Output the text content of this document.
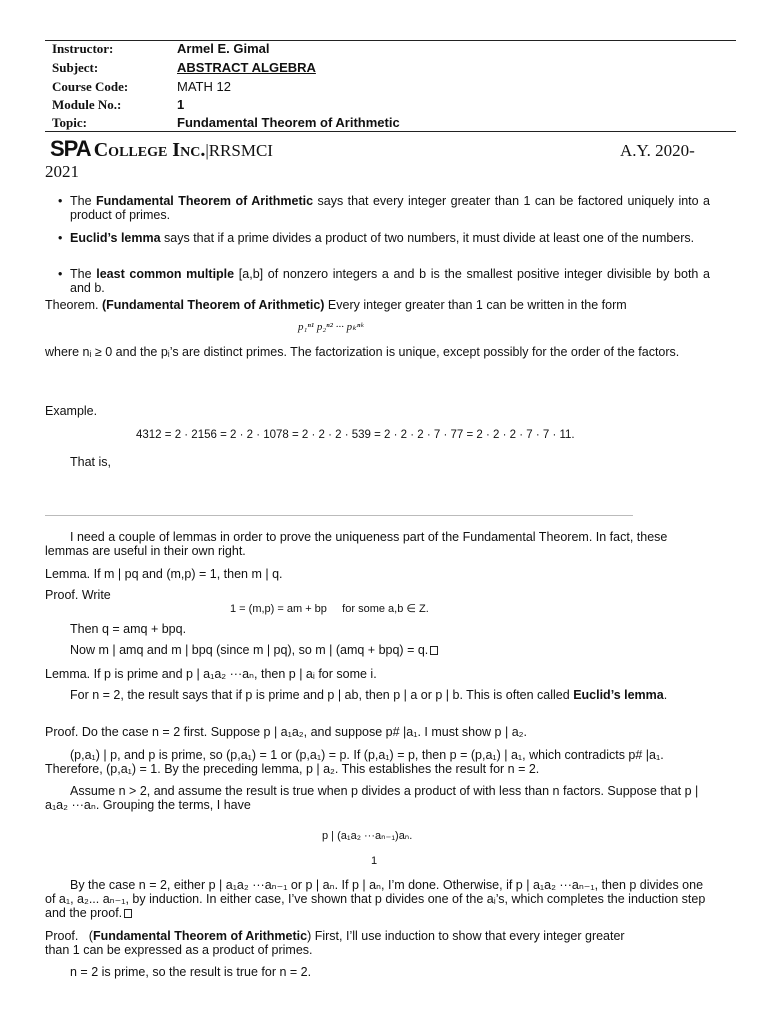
Instructor:	Armel E. Gimal
Subject:	ABSTRACT ALGEBRA
Course Code:	MATH 12
Module No.:	1
Topic:	Fundamental Theorem of Arithmetic
SPA College Inc.|RRSMCI	A.Y. 2020-
2021
• The Fundamental Theorem of Arithmetic says that every integer greater than 1 can be factored uniquely into a product of primes.
• Euclid’s lemma says that if a prime divides a product of two numbers, it must divide at least one of the numbers.
• The least common multiple [a,b] of nonzero integers a and b is the smallest positive integer divisible by both a and b.
Theorem. (Fundamental Theorem of Arithmetic) Every integer greater than 1 can be written in the form
p₁ⁿ¹ p₂ⁿ² ··· pₖⁿᵏ
where nᵢ ≥ 0 and the pᵢ’s are distinct primes. The factorization is unique, except possibly for the order of the factors.
Example.
4312 = 2 · 2156 = 2 · 2 · 1078 = 2 · 2 · 2 · 539 = 2 · 2 · 2 · 7 · 77 = 2 · 2 · 2 · 7 · 7 · 11.
That is,
I need a couple of lemmas in order to prove the uniqueness part of the Fundamental Theorem. In fact, these lemmas are useful in their own right.
Lemma. If m | pq and (m,p) = 1, then m | q.
Proof. Write
1 = (m,p) = am + bp     for some a,b ∈ Z.
Then q = amq + bpq.
Now m | amq and m | bpq (since m | pq), so m | (amq + bpq) = q.
Lemma. If p is prime and p | a₁a₂ ···aₙ, then p | aᵢ for some i.
For n = 2, the result says that if p is prime and p | ab, then p | a or p | b. This is often called Euclid’s lemma.
Proof. Do the case n = 2 first. Suppose p | a₁a₂, and suppose p# |a₁. I must show p | a₂.
(p,a₁) | p, and p is prime, so (p,a₁) = 1 or (p,a₁) = p. If (p,a₁) = p, then p = (p,a₁) | a₁, which contradicts p# |a₁. Therefore, (p,a₁) = 1. By the preceding lemma, p | a₂. This establishes the result for n = 2.
Assume n > 2, and assume the result is true when p divides a product of with less than n factors. Suppose that p | a₁a₂ ···aₙ. Grouping the terms, I have
p | (a₁a₂ ···aₙ₋₁)aₙ.
1
By the case n = 2, either p | a₁a₂ ···aₙ₋₁ or p | aₙ. If p | aₙ, I’m done. Otherwise, if p | a₁a₂ ···aₙ₋₁, then p divides one of a₁, a₂... aₙ₋₁, by induction. In either case, I’ve shown that p divides one of the aᵢ’s, which completes the induction step and the proof.
Proof.   (Fundamental Theorem of Arithmetic) First, I’ll use induction to show that every integer greater than 1 can be expressed as a product of primes.
n = 2 is prime, so the result is true for n = 2.
